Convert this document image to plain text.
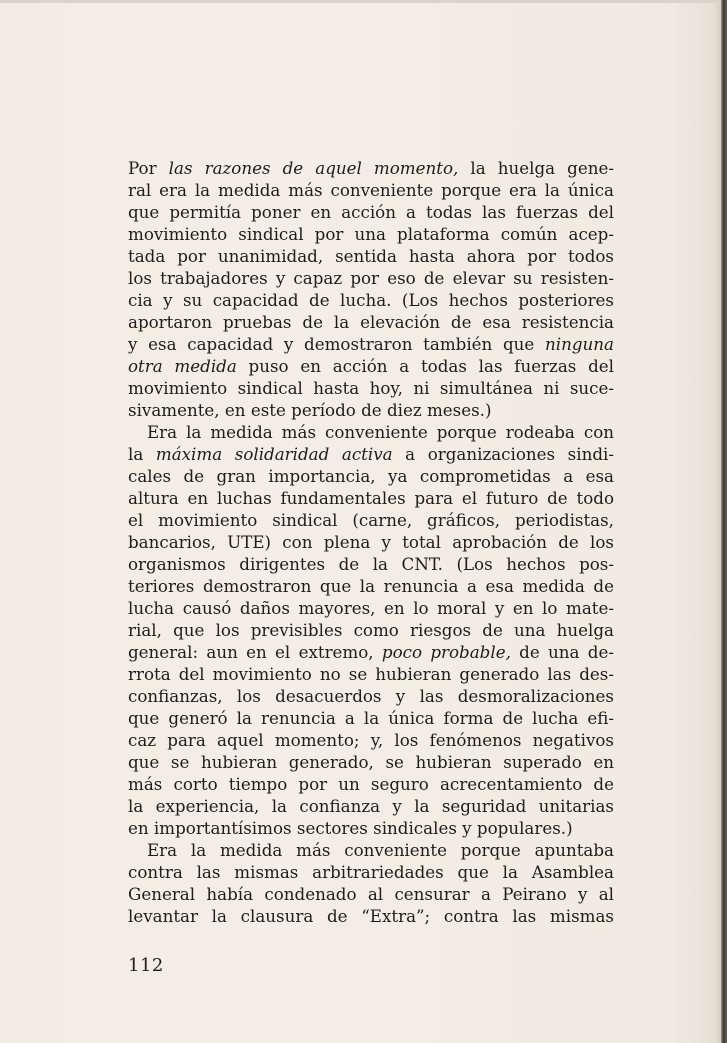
Por las razones de aquel momento, la huelga gene-
ral era la medida más conveniente porque era la única
que permitía poner en acción a todas las fuerzas del
movimiento sindical por una plataforma común acep-
tada por unanimidad, sentida hasta ahora por todos
los trabajadores y capaz por eso de elevar su resisten-
cia y su capacidad de lucha. (Los hechos posteriores
aportaron pruebas de la elevación de esa resistencia
y esa capacidad y demostraron también que ninguna
otra medida puso en acción a todas las fuerzas del
movimiento sindical hasta hoy, ni simultánea ni suce-
sivamente, en este período de diez meses.)
Era la medida más conveniente porque rodeaba con
la máxima solidaridad activa a organizaciones sindi-
cales de gran importancia, ya comprometidas a esa
altura en luchas fundamentales para el futuro de todo
el movimiento sindical (carne, gráficos, periodistas,
bancarios, UTE) con plena y total aprobación de los
organismos dirigentes de la CNT. (Los hechos pos-
teriores demostraron que la renuncia a esa medida de
lucha causó daños mayores, en lo moral y en lo mate-
rial, que los previsibles como riesgos de una huelga
general: aun en el extremo, poco probable, de una de-
rrota del movimiento no se hubieran generado las des-
confianzas, los desacuerdos y las desmoralizaciones
que generó la renuncia a la única forma de lucha efi-
caz para aquel momento; y, los fenómenos negativos
que se hubieran generado, se hubieran superado en
más corto tiempo por un seguro acrecentamiento de
la experiencia, la confianza y la seguridad unitarias
en importantísimos sectores sindicales y populares.)
Era la medida más conveniente porque apuntaba
contra las mismas arbitrariedades que la Asamblea
General había condenado al censurar a Peirano y al
levantar la clausura de “Extra”; contra las mismas
112
